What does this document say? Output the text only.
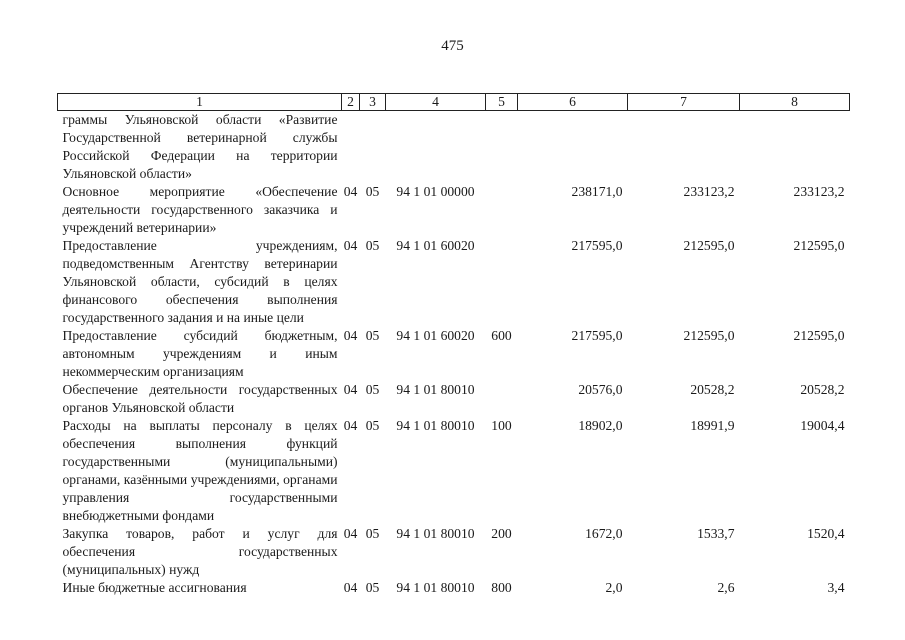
475
1	2	3	4	5	6	7	8
граммы Ульяновской области «Развитие Государственной ветеринарной службы Российской Федерации на территории Ульяновской области»							
Основное мероприятие «Обеспечение деятельности государственного заказчика и учреждений ветеринарии»	04	05	94 1 01 00000		238171,0	233123,2	233123,2
Предоставление учреждениям, подведомственным Агентству ветеринарии Ульяновской области, субсидий в целях финансового обеспечения выполнения государственного задания и на иные цели	04	05	94 1 01 60020		217595,0	212595,0	212595,0
Предоставление субсидий бюджетным, автономным учреждениям и иным некоммерческим организациям	04	05	94 1 01 60020	600	217595,0	212595,0	212595,0
Обеспечение деятельности государственных органов Ульяновской области	04	05	94 1 01 80010		20576,0	20528,2	20528,2
Расходы на выплаты персоналу в целях обеспечения выполнения функций государственными (муниципальными) органами, казёнными учреждениями, органами управления государственными внебюджетными фондами	04	05	94 1 01 80010	100	18902,0	18991,9	19004,4
Закупка товаров, работ и услуг для обеспечения государственных (муниципальных) нужд	04	05	94 1 01 80010	200	1672,0	1533,7	1520,4
Иные бюджетные ассигнования	04	05	94 1 01 80010	800	2,0	2,6	3,4
